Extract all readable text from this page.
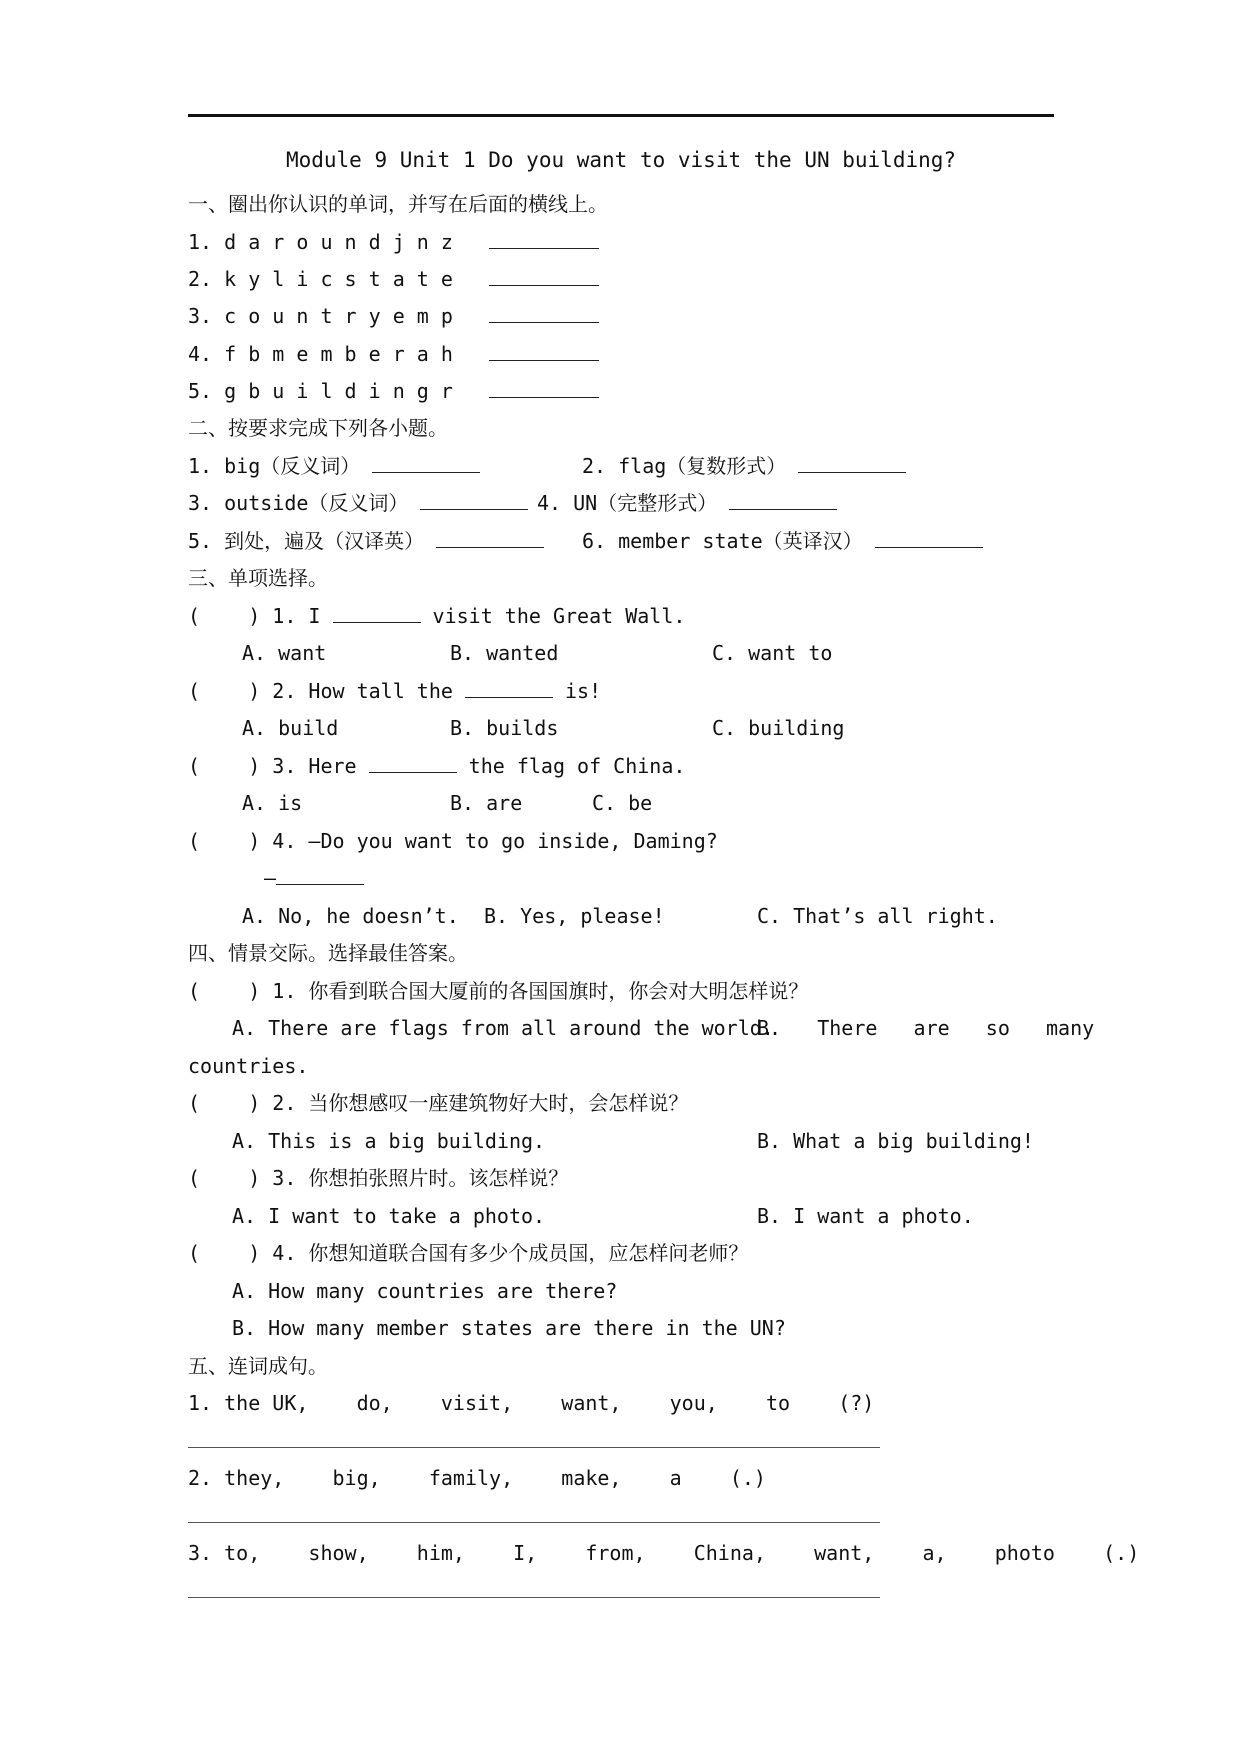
Module 9 Unit 1 Do you want to visit the UN building?
一、圈出你认识的单词，并写在后面的横线上。
1. d a r o u n d j n z
2. k y l i c s t a t e
3. c o u n t r y e m p
4. f b m e m b e r a h
5. g b u i l d i n g r
二、按要求完成下列各小题。
1. big（反义词）	2. flag（复数形式）
3. outside（反义词）	4. UN（完整形式）
5. 到处，遍及（汉译英）	6. member state（英译汉）
三、单项选择。
(    ) 1. I	visit the Great Wall.
A. want	B. wanted	C. want to
(    ) 2. How tall the	is!
A. build	B. builds	C. building
(    ) 3. Here	the flag of China.
A. is	B. are	C. be
(    ) 4. —Do you want to go inside, Daming?
—
A. No, he doesn’t. B. Yes, please!	C. That’s all right.
四、情景交际。选择最佳答案。
(    ) 1. 你看到联合国大厦前的各国国旗时，你会对大明怎样说？
A. There are flags from all around the world.
B.   There   are   so   many
countries.
(    ) 2. 当你想感叹一座建筑物好大时，会怎样说？
A. This is a big building.	B. What a big building!
(    ) 3. 你想拍张照片时。该怎样说？
A. I want to take a photo.	B. I want a photo.
(    ) 4. 你想知道联合国有多少个成员国，应怎样问老师？
A. How many countries are there?
B. How many member states are there in the UN?
五、连词成句。
1. the UK,    do,    visit,    want,    you,    to    (?)
2. they,    big,    family,    make,    a    (.)
3. to,    show,    him,    I,    from,    China,    want,    a,    photo    (.)
